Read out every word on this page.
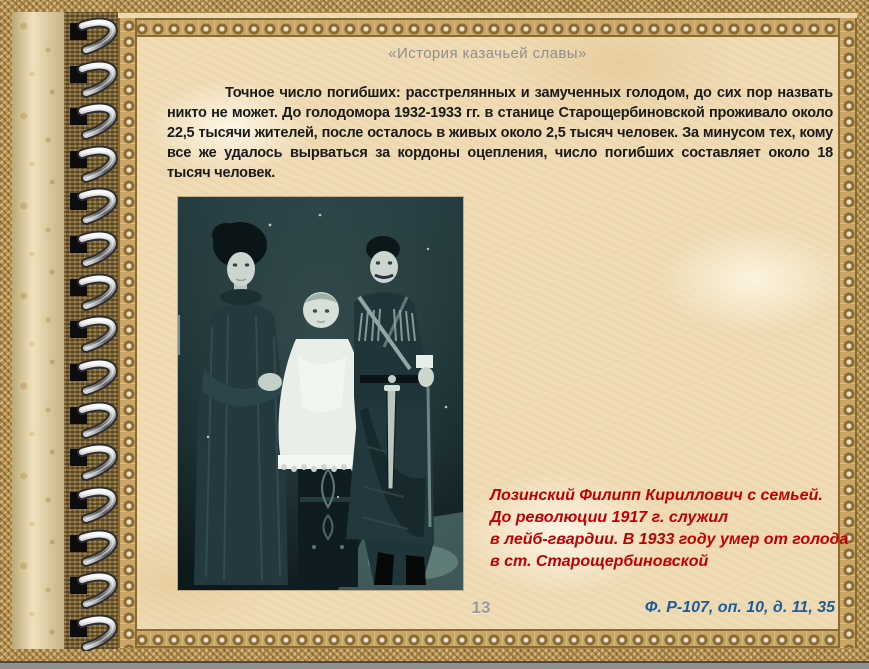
«История казачьей славы»

Точное число погибших: расстрелянных и замученных голодом, до сих пор назвать никто не может. До голодомора 1932-1933 гг. в станице Старощербиновской проживало около 22,5 тысячи жителей, после осталось в живых около 2,5 тысяч человек. За минусом тех, кому все же удалось вырваться за кордоны оцепления, число погибших составляет около 18 тысяч человек.

Лозинский Филипп Кириллович с семьей.
До революции 1917 г. служил
в лейб-гвардии. В 1933 году умер от голода
в ст. Старощербиновской
13	Ф. Р-107, оп. 10, д. 11, 35
